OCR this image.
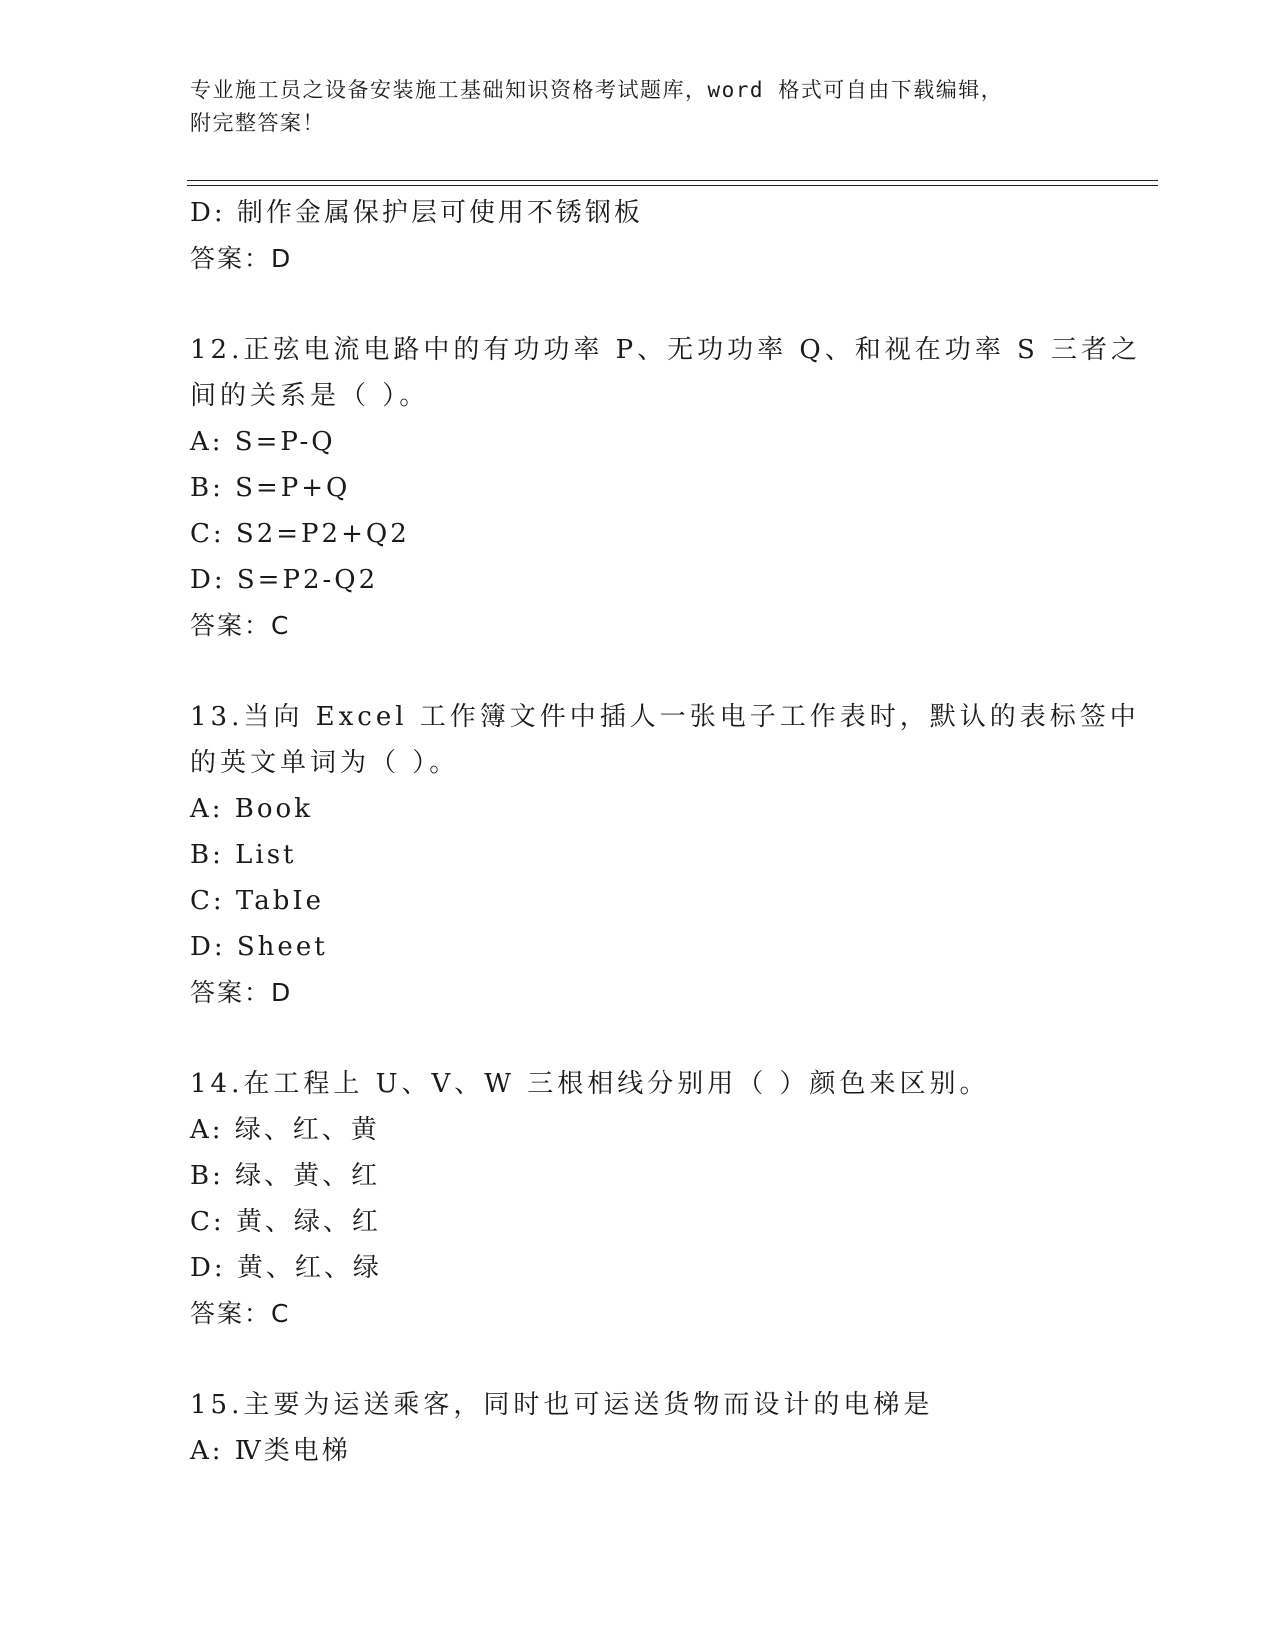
专业施工员之设备安装施工基础知识资格考试题库，word 格式可自由下载编辑，
附完整答案！
D: 制作金属保护层可使用不锈钢板
答案：D
12.正弦电流电路中的有功功率 P、无功功率 Q、和视在功率 S 三者之
间的关系是（ ）。
A: S=P-Q
B: S=P+Q
C: S2=P2+Q2
D: S=P2-Q2
答案：C
13.当向 Excel 工作簿文件中插人一张电子工作表时，默认的表标签中
的英文单词为（ ）。
A: Book
B: List
C: TabIe
D: Sheet
答案：D
14.在工程上 U、V、W 三根相线分别用（ ）颜色来区别。
A: 绿、红、黄
B: 绿、黄、红
C: 黄、绿、红
D: 黄、红、绿
答案：C
15.主要为运送乘客，同时也可运送货物而设计的电梯是
A: Ⅳ类电梯
